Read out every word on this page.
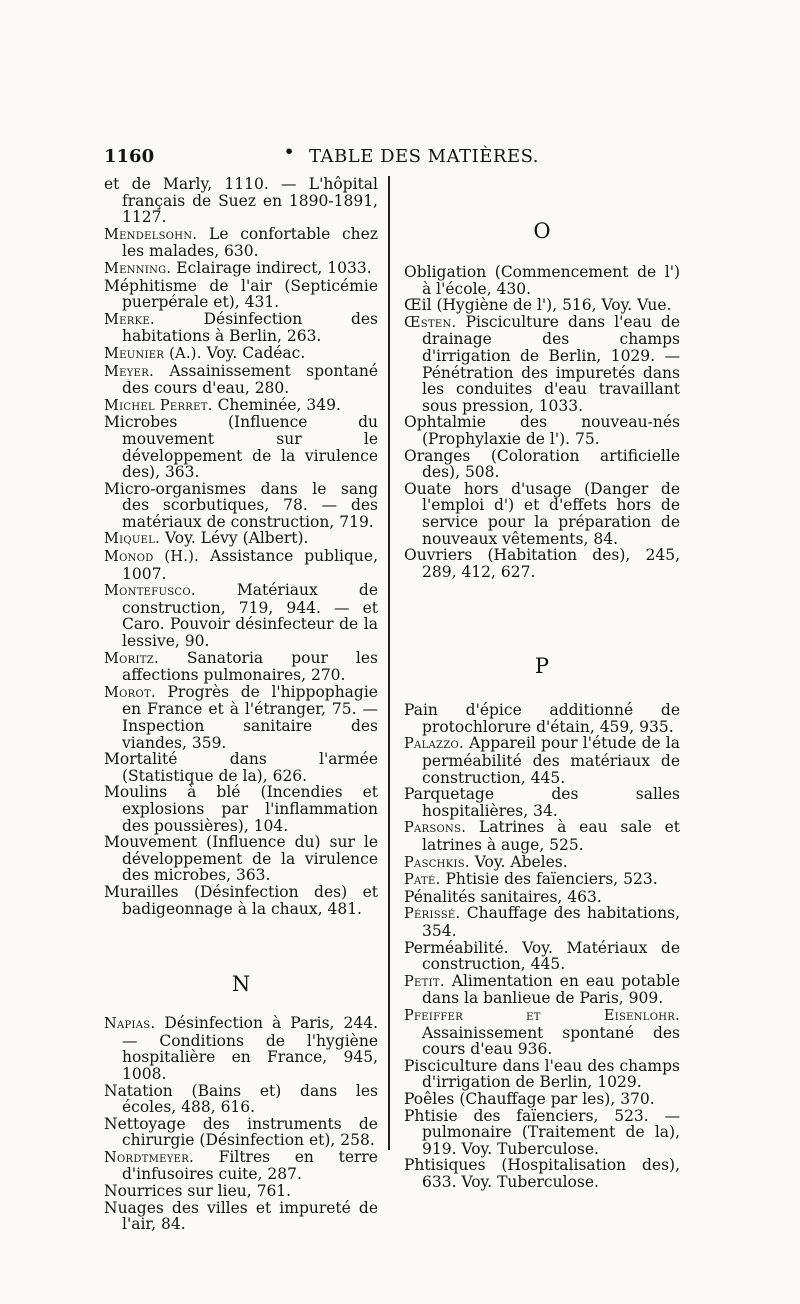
1160	• TABLE DES MATIÈRES.

et de Marly, 1110. — L'hôpital français de Suez en 1890-1891, 1127.

Mendelsohn. Le confortable chez les malades, 630.

Menning. Eclairage indirect, 1033.

Méphitisme de l'air (Septicémie puerpérale et), 431.

Merke.	Désinfection des habitations à Berlin, 263.

Meunier (A.). Voy. Cadéac.

Meyer. Assainissement spontané des cours d'eau, 280.

Michel Perret. Cheminée, 349.

Microbes (Influence du mouvement sur le développement de la virulence des), 363.

Micro-organismes dans le sang des scorbutiques, 78. — des matériaux de construction, 719.

Miquel. Voy. Lévy (Albert).

Monod (H.). Assistance publique, 1007.

Montefusco.	Matériaux de construction, 719, 944. — et Caro. Pouvoir désinfecteur de la lessive, 90.

Moritz. Sanatoria pour les affections pulmonaires, 270.

Morot. Progrès de l'hippophagie en France et à l'étranger, 75. — Inspection sanitaire des viandes, 359.

Mortalité dans l'armée (Statistique de la), 626.

Moulins à blé (Incendies et explosions par l'inflammation des poussières), 104.

Mouvement (Influence du) sur le développement de la virulence des microbes, 363.

Murailles (Désinfection des) et badigeonnage à la chaux, 481.

N

Napias. Désinfection à Paris, 244. — Conditions de l'hygiène hospitalière en France, 945, 1008.

Natation (Bains et) dans les écoles, 488, 616.

Nettoyage des instruments de chirurgie (Désinfection et), 258.

Nordtmeyer. Filtres en terre d'infusoires cuite, 287.

Nourrices sur lieu, 761.

Nuages des villes et impureté de l'air, 84.

O

Obligation (Commencement de l') à l'école, 430.

Œil (Hygiène de l'), 516, Voy. Vue.

Œsten. Pisciculture dans l'eau de drainage des champs d'irrigation de Berlin, 1029. — Pénétration des impuretés dans les conduites d'eau travaillant sous pression, 1033.

Ophtalmie des nouveau-nés (Prophylaxie de l'). 75.

Oranges (Coloration artificielle des), 508.

Ouate hors d'usage (Danger de l'emploi d') et d'effets hors de service pour la préparation de nouveaux vêtements, 84.

Ouvriers (Habitation des), 245, 289, 412, 627.

P

Pain d'épice additionné de protochlorure d'étain, 459, 935.

Palazzo. Appareil pour l'étude de la perméabilité des matériaux de construction, 445.

Parquetage des salles hospitalières, 34.

Parsons. Latrines à eau sale et latrines à auge, 525.

Paschkis. Voy. Abeles.

Paté. Phtisie des faïenciers, 523.

Pénalités sanitaires, 463.

Périssé. Chauffage des habitations, 354.

Perméabilité. Voy. Matériaux de construction, 445.

Petit. Alimentation en eau potable dans la banlieue de Paris, 909.

Pfeiffer et Eisenlohr. Assainissement spontané des cours d'eau 936.

Pisciculture dans l'eau des champs d'irrigation de Berlin, 1029.

Poêles (Chauffage par les), 370.

Phtisie des faïenciers, 523. — pulmonaire (Traitement de la), 919. Voy. Tuberculose.

Phtisiques (Hospitalisation des), 633. Voy. Tuberculose.
